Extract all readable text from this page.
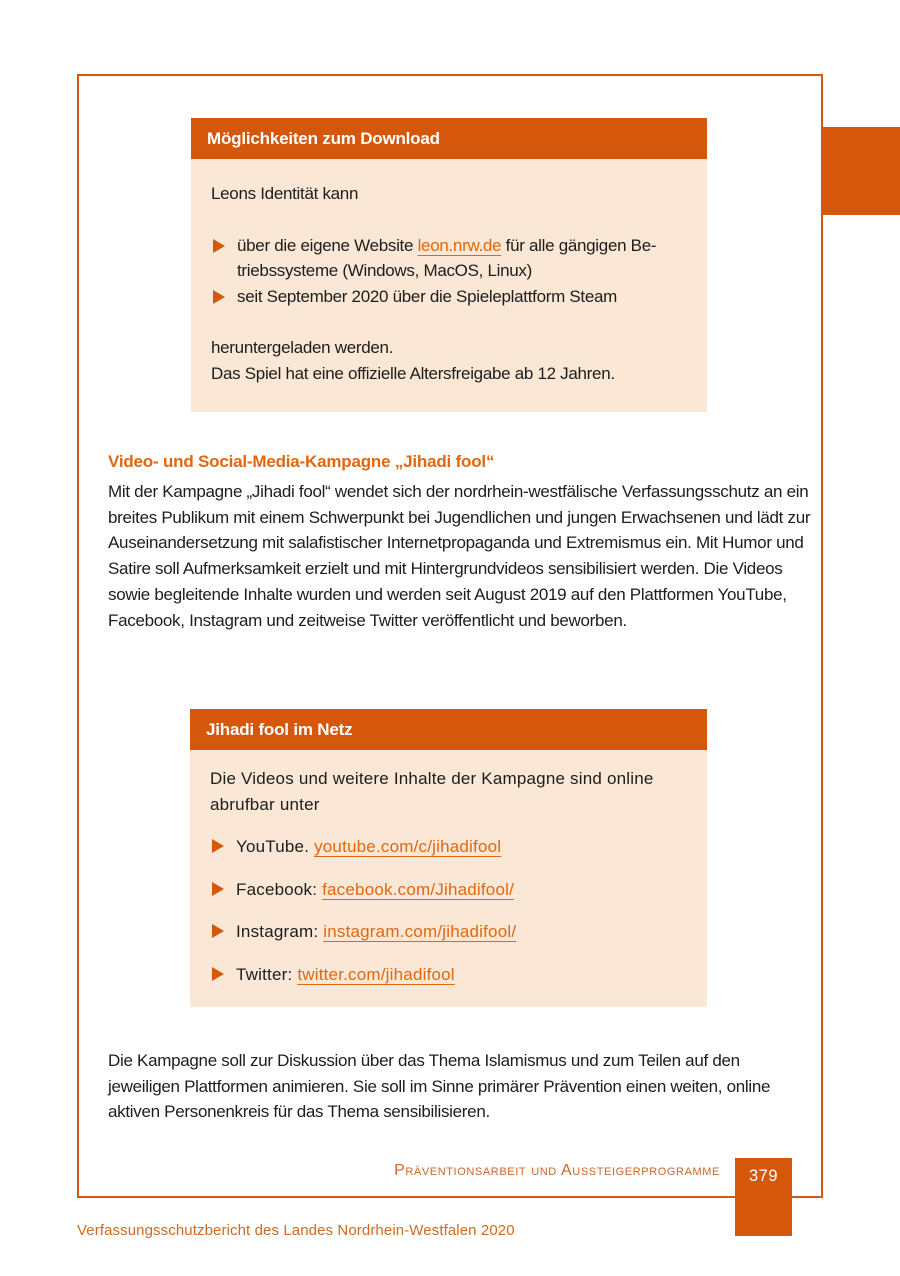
Möglichkeiten zum Download
Leons Identität kann
über die eigene Website leon.nrw.de für alle gängigen Be-
triebssysteme (Windows, MacOS, Linux)
seit September 2020 über die Spieleplattform Steam
heruntergeladen werden.
Das Spiel hat eine offizielle Altersfreigabe ab 12 Jahren.
Video- und Social-Media-Kampagne „Jihadi fool“
Mit der Kampagne „Jihadi fool“ wendet sich der nordrhein-westfälische Verfassungsschutz an ein breites Publikum mit einem Schwerpunkt bei Jugendlichen und jungen Erwachsenen und lädt zur Auseinandersetzung mit salafistischer Internetpropaganda und Extremismus ein. Mit Humor und Satire soll Aufmerksamkeit erzielt und mit Hintergrundvideos sensibilisiert werden. Die Videos sowie begleitende Inhalte wurden und werden seit August 2019 auf den Plattformen YouTube, Facebook, Instagram und zeitweise Twitter veröffentlicht und beworben.
Jihadi fool im Netz
Die Videos und weitere Inhalte der Kampagne sind online abrufbar unter
YouTube. youtube.com/c/jihadifool
Facebook: facebook.com/Jihadifool/
Instagram: instagram.com/jihadifool/
Twitter: twitter.com/jihadifool
Die Kampagne soll zur Diskussion über das Thema Islamismus und zum Teilen auf den jeweiligen Plattformen animieren. Sie soll im Sinne primärer Prävention einen weiten, online aktiven Personenkreis für das Thema sensibilisieren.
Präventionsarbeit und Aussteigerprogramme	379
Verfassungsschutzbericht des Landes Nordrhein-Westfalen 2020
